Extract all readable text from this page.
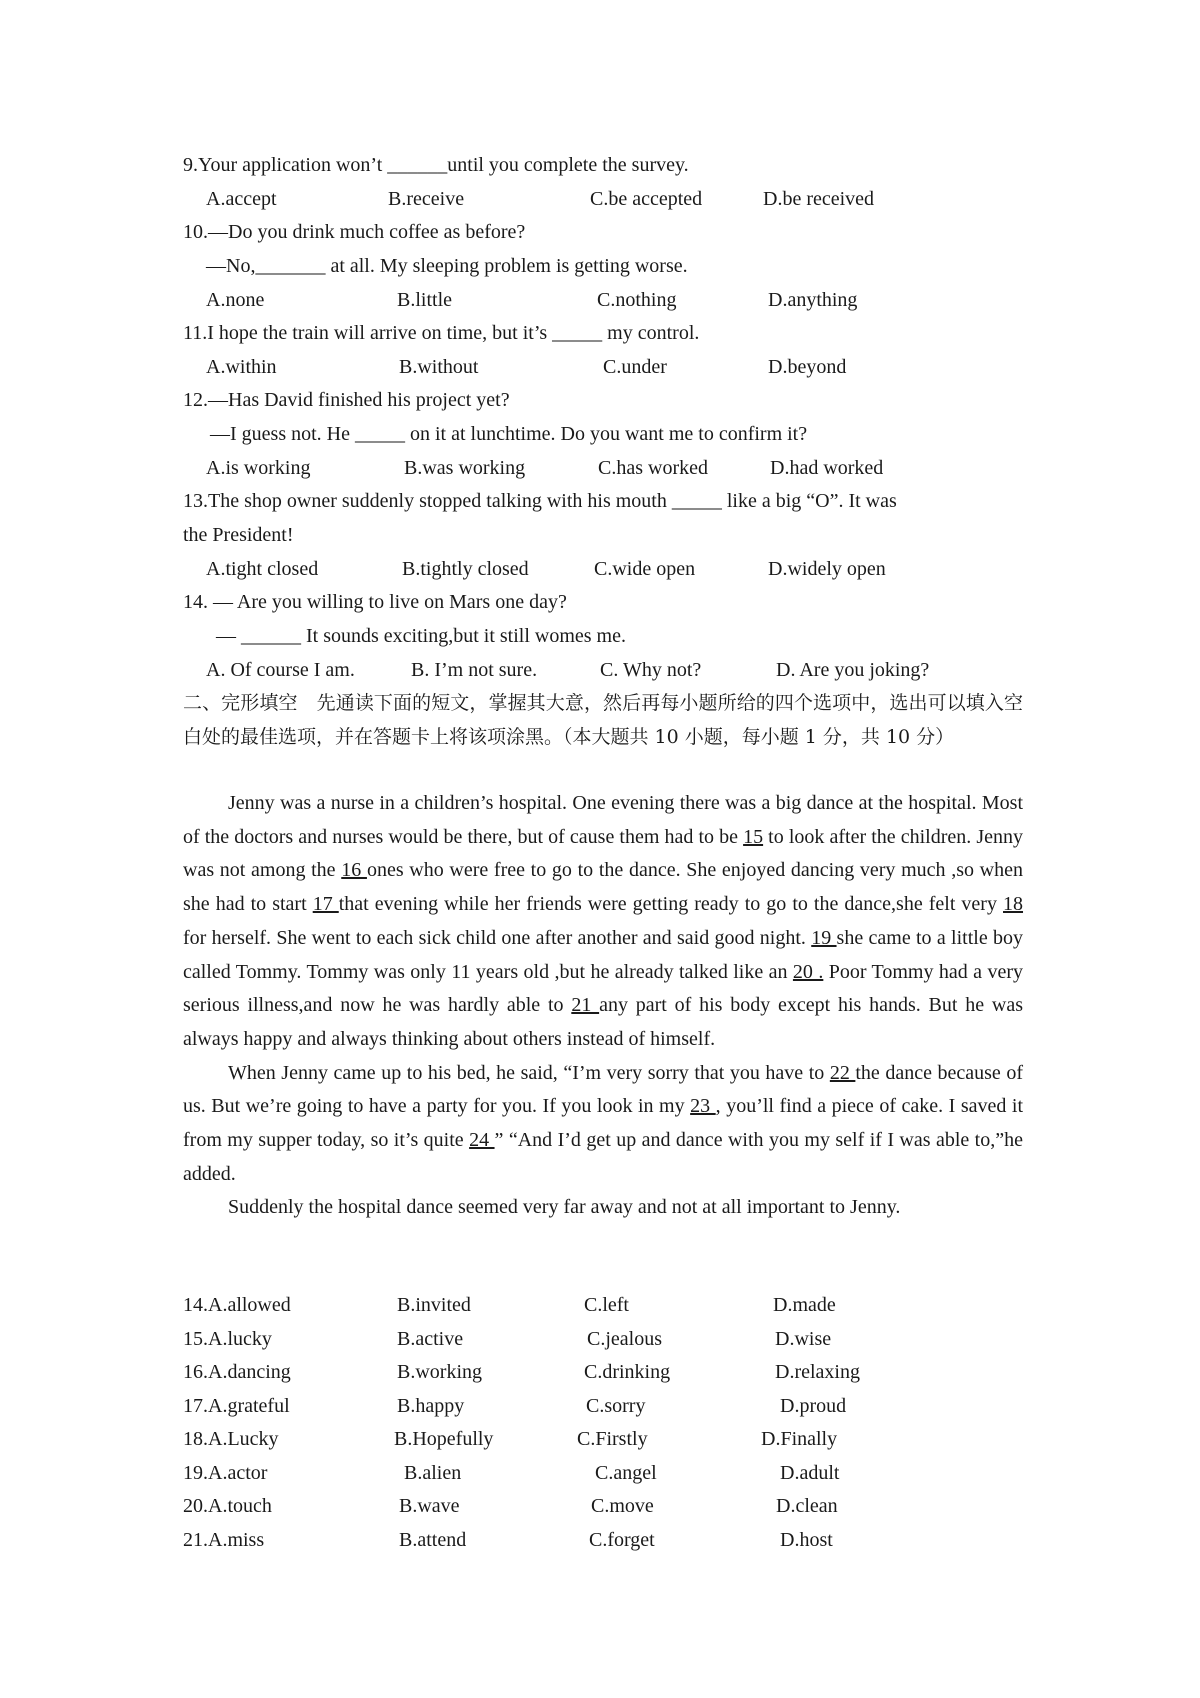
9.Your application won’t ______until you complete the survey.
A.accept	B.receive	C.be accepted	D.be received
10.—Do you drink much coffee as before?
—No,_______ at all. My sleeping problem is getting worse.
A.none	B.little	C.nothing	D.anything
11.I hope the train will arrive on time, but it’s _____ my control.
A.within	B.without	C.under	D.beyond
12.—Has David finished his project yet?
—I guess not. He _____ on it at lunchtime. Do you want me to confirm it?
A.is working	B.was working	C.has worked	D.had worked
13.The shop owner suddenly stopped talking with his mouth _____ like a big “O”. It was
the President!
A.tight closed	B.tightly closed	C.wide open	D.widely open
14. — Are you willing to live on Mars one day?
— ______ It sounds exciting,but it still womes me.
A. Of course I am.	B. I’m not sure.	C. Why not?	D. Are you joking?
二、完形填空　先通读下面的短文，掌握其大意，然后再每小题所给的四个选项中，选出可以填入空白处的最佳选项，并在答题卡上将该项涂黑。（本大题共 10 小题，每小题 1 分，共 10 分）

Jenny was a nurse in a children’s hospital. One evening there was a big dance at the hospital. Most of the doctors and nurses would be there, but of cause them had to be 15 to look after the children. Jenny was not among the 16 ones who were free to go to the dance. She enjoyed dancing very much ,so when she had to start 17 that evening while her friends were getting ready to go to the dance,she felt very 18 for herself. She went to each sick child one after another and said good night. 19 she came to a little boy called Tommy. Tommy was only 11 years old ,but he already talked like an 20 . Poor Tommy had a very serious illness,and now he was hardly able to 21 any part of his body except his hands. But he was always happy and always thinking about others instead of himself.

When Jenny came up to his bed, he said, “I’m very sorry that you have to 22 the dance because of us. But we’re going to have a party for you. If you look in my 23 , you’ll find a piece of cake. I saved it from my supper today, so it’s quite 24 ” “And I’d get up and dance with you my self if I was able to,”he added.

Suddenly the hospital dance seemed very far away and not at all important to Jenny.

14.A.allowed	B.invited	C.left	D.made
15.A.lucky	B.active	C.jealous	D.wise
16.A.dancing	B.working	C.drinking	D.relaxing
17.A.grateful	B.happy	C.sorry	D.proud
18.A.Lucky	B.Hopefully	C.Firstly	D.Finally
19.A.actor	B.alien	C.angel	D.adult
20.A.touch	B.wave	C.move	D.clean
21.A.miss	B.attend	C.forget	D.host
